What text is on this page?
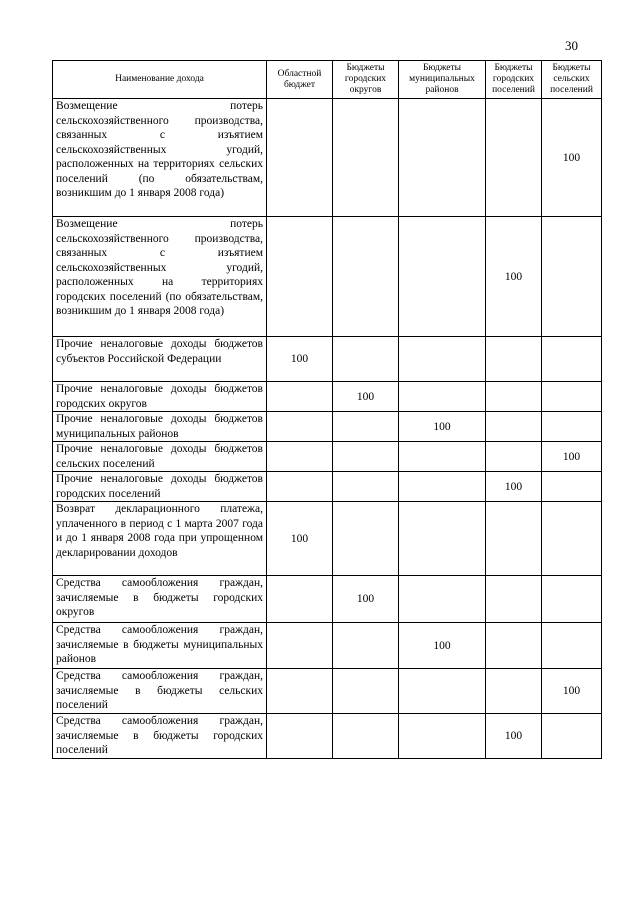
30
Наименование дохода	Областной бюджет	Бюджеты городских округов	Бюджеты муниципальных районов	Бюджеты городских поселений	Бюджеты сельских поселений
Возмещение потерь сельскохозяйственного производства, связанных с изъятием сельскохозяйственных угодий, расположенных на территориях сельских поселений (по обязательствам, возникшим до 1 января 2008 года)					100
Возмещение потерь сельскохозяйственного производства, связанных с изъятием сельскохозяйственных угодий, расположенных на территориях городских поселений (по обязательствам, возникшим до 1 января 2008 года)				100	
Прочие неналоговые доходы бюджетов субъектов Российской Федерации	100				
Прочие неналоговые доходы бюджетов городских округов		100			
Прочие неналоговые доходы бюджетов муниципальных районов			100		
Прочие неналоговые доходы бюджетов сельских поселений					100
Прочие неналоговые доходы бюджетов городских поселений				100	
Возврат декларационного платежа, уплаченного в период с 1 марта 2007 года и до 1 января 2008 года при упрощенном декларировании доходов	100				
Средства самообложения граждан, зачисляемые в бюджеты городских округов		100			
Средства самообложения граждан, зачисляемые в бюджеты муниципальных районов			100		
Средства самообложения граждан, зачисляемые в бюджеты сельских поселений					100
Средства самообложения граждан, зачисляемые в бюджеты городских поселений				100	
